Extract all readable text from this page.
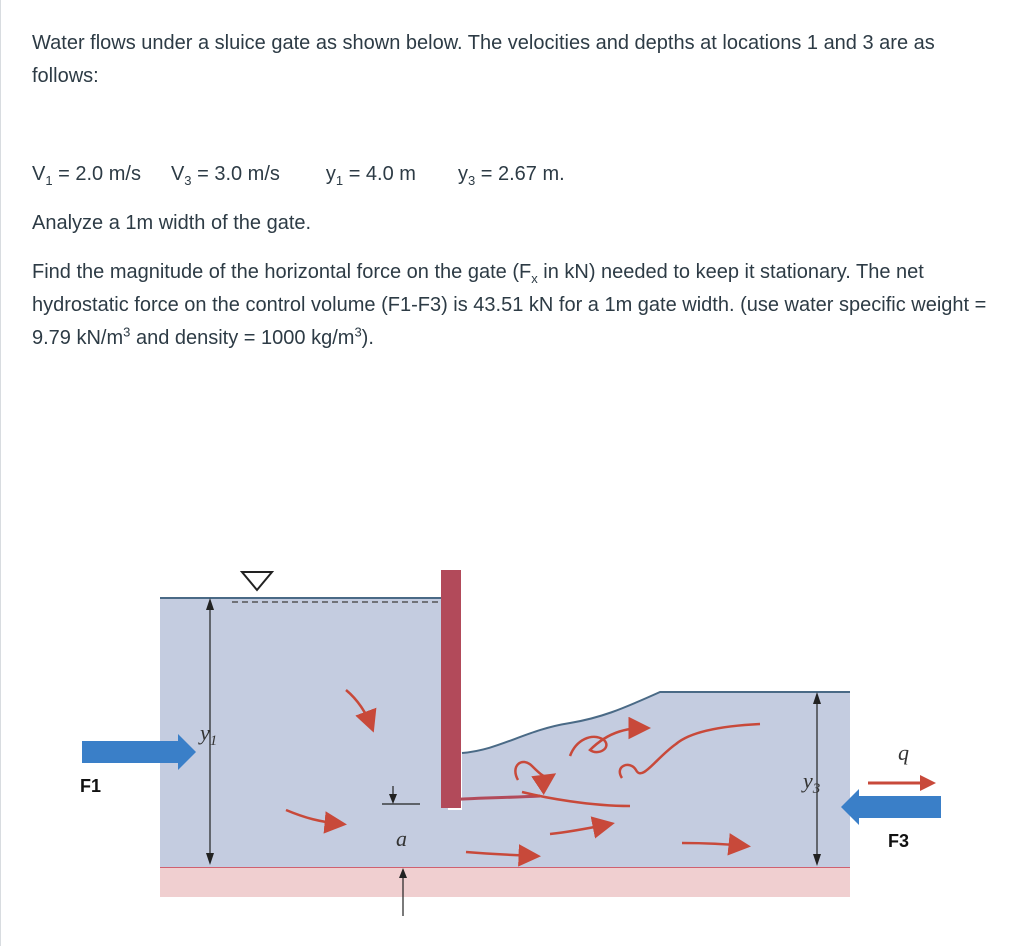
Water flows under a sluice gate as shown below. The velocities and depths at locations 1 and 3 are as follows:

$V_1 = 2.0$ m/s $V_3 = 3.0$ m/s $y_1 = 4.0$ m $y_3 = 2.67$ m.

Analyze a 1m width of the gate.

Find the magnitude of the horizontal force on the gate ($F_x$ in kN) needed to keep it stationary. The net hydrostatic force on the control volume (F1-F3) is 43.51 kN for a 1m gate width. (use water specific weight = 9.79 $kN/m^3$ and density = 1000 $kg/m^3$).

$y_1$
$y_3$
a
F1
F3
q
